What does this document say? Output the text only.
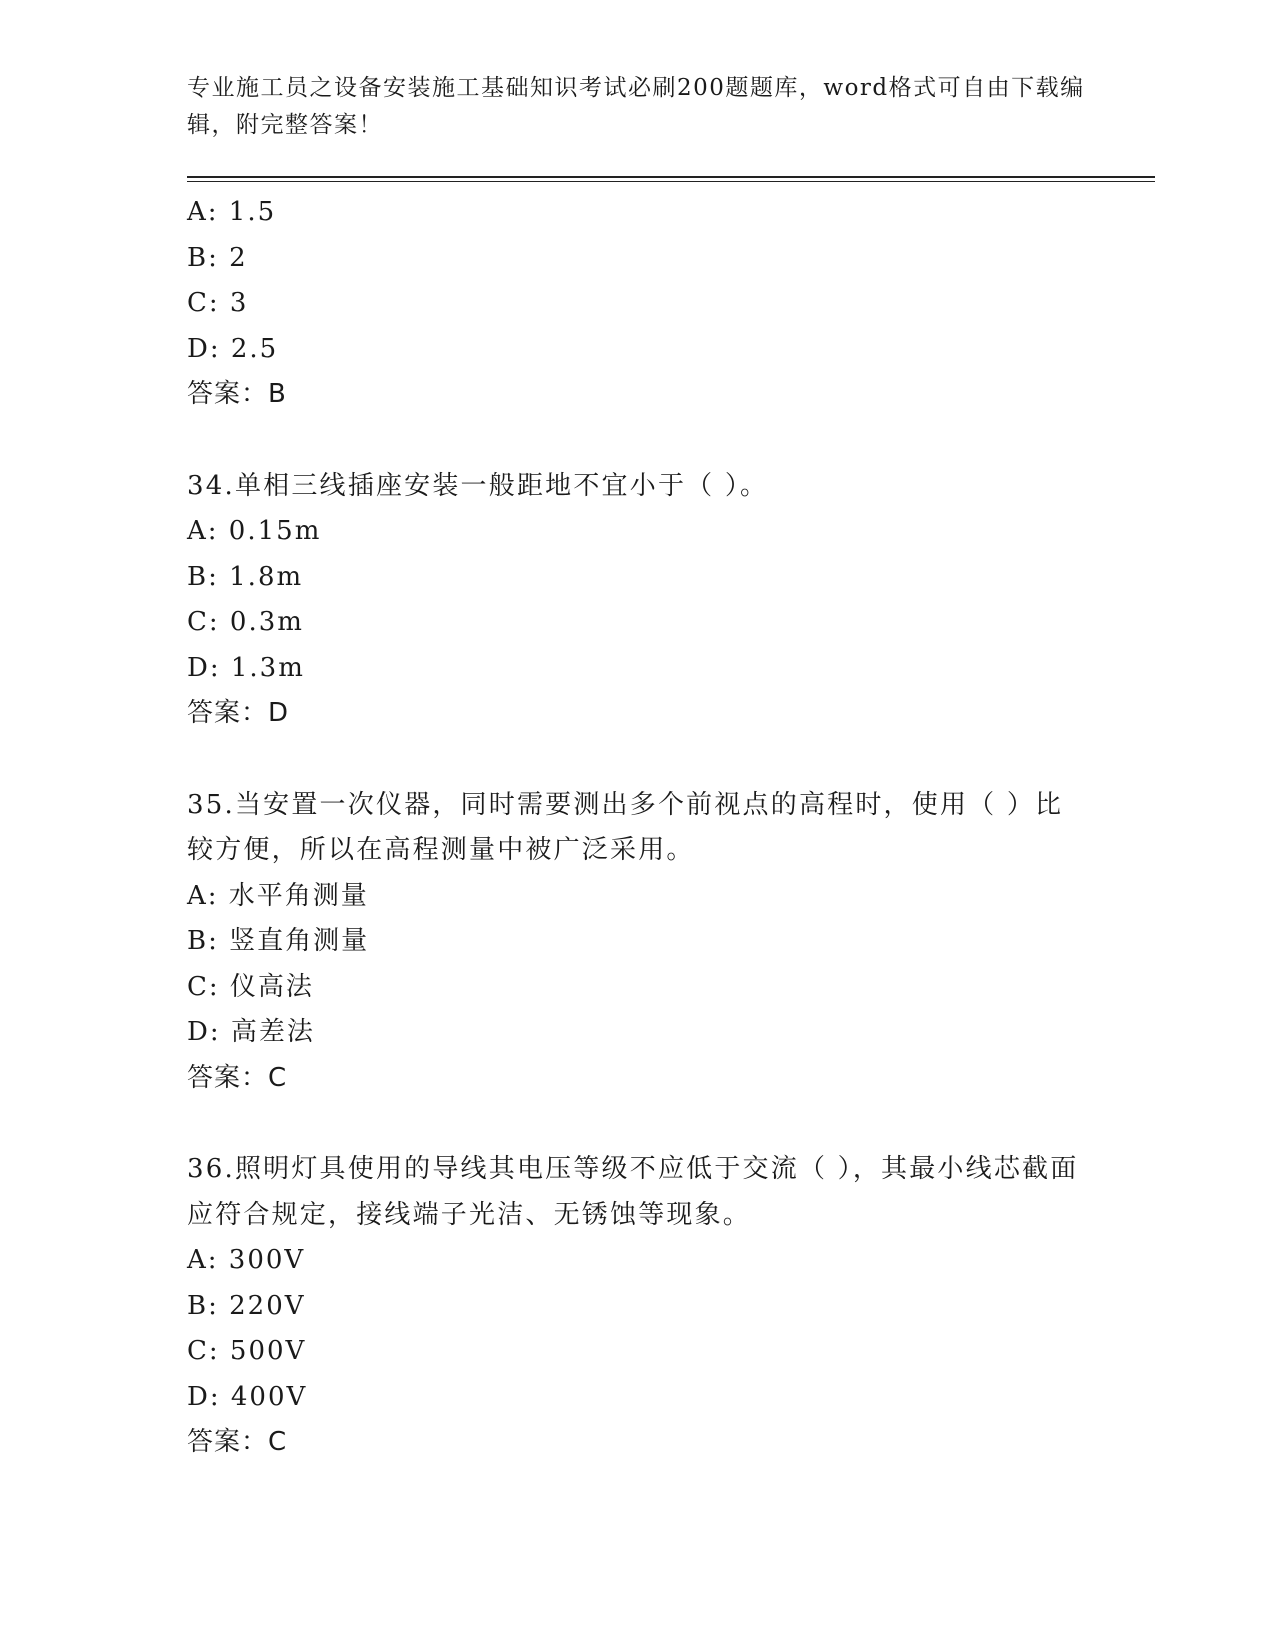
专业施工员之设备安装施工基础知识考试必刷200题题库，word格式可自由下载编辑，附完整答案！
A: 1.5
B: 2
C: 3
D: 2.5
答案：B
34.单相三线插座安装一般距地不宜小于（ ）。
A: 0.15m
B: 1.8m
C: 0.3m
D: 1.3m
答案：D
35.当安置一次仪器，同时需要测出多个前视点的高程时，使用（ ）比较方便，所以在高程测量中被广泛采用。
A: 水平角测量
B: 竖直角测量
C: 仪高法
D: 高差法
答案：C
36.照明灯具使用的导线其电压等级不应低于交流（ ），其最小线芯截面应符合规定，接线端子光洁、无锈蚀等现象。
A: 300V
B: 220V
C: 500V
D: 400V
答案：C
